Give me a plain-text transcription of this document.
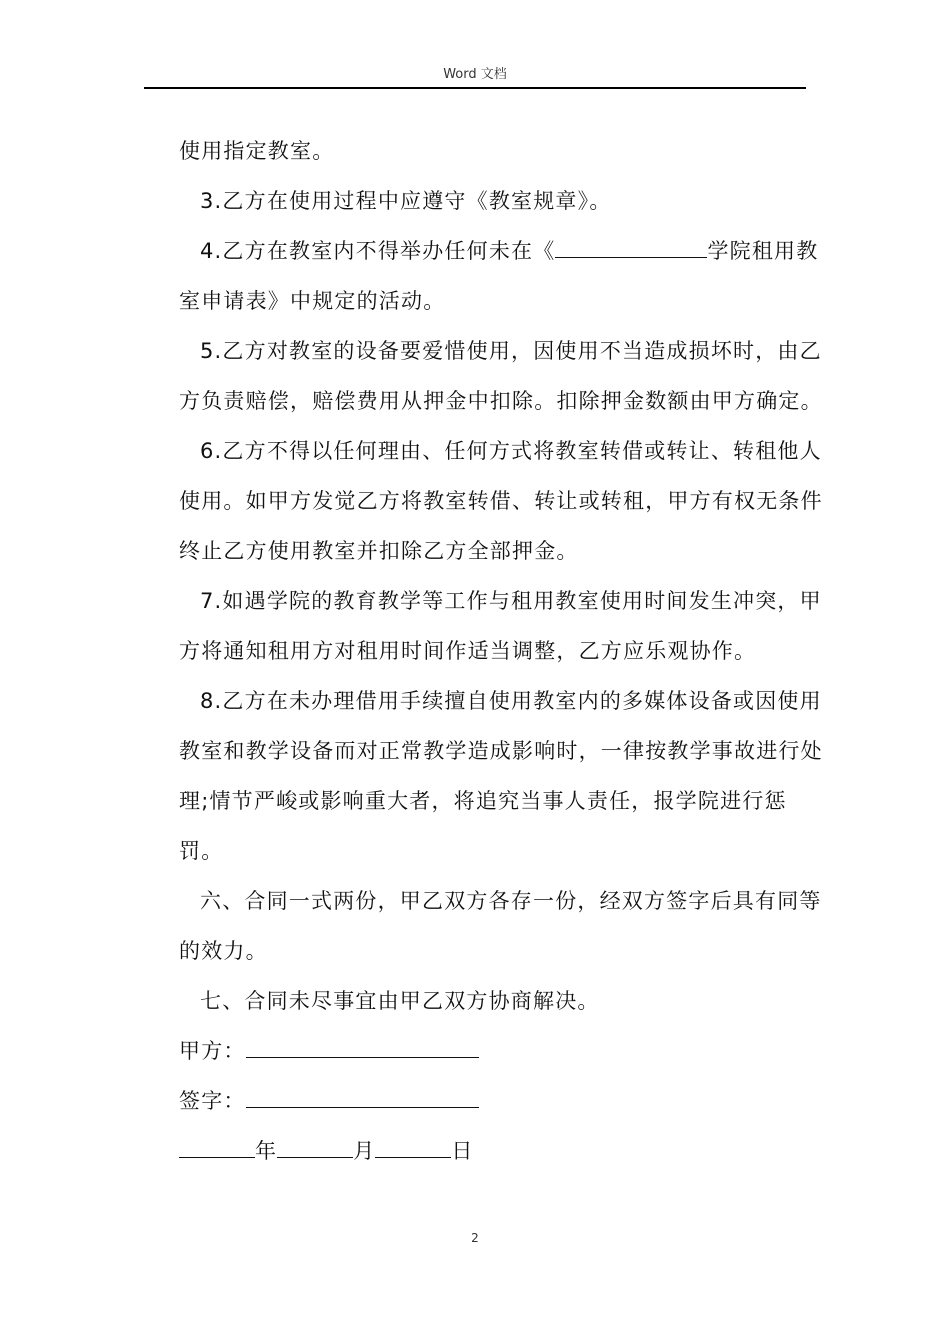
Word 文档

使用指定教室。

3.乙方在使用过程中应遵守《教室规章》。

4.乙方在教室内不得举办任何未在《	学院租用教室申请表》中规定的活动。

5.乙方对教室的设备要爱惜使用，因使用不当造成损坏时，由乙方负责赔偿，赔偿费用从押金中扣除。扣除押金数额由甲方确定。

6.乙方不得以任何理由、任何方式将教室转借或转让、转租他人使用。如甲方发觉乙方将教室转借、转让或转租，甲方有权无条件终止乙方使用教室并扣除乙方全部押金。

7.如遇学院的教育教学等工作与租用教室使用时间发生冲突，甲方将通知租用方对租用时间作适当调整，乙方应乐观协作。

8.乙方在未办理借用手续擅自使用教室内的多媒体设备或因使用教室和教学设备而对正常教学造成影响时，一律按教学事故进行处理;情节严峻或影响重大者，将追究当事人责任，报学院进行惩罚。

六、合同一式两份，甲乙双方各存一份，经双方签字后具有同等的效力。

七、合同未尽事宜由甲乙双方协商解决。

甲方：

签字：

年	月	日

2
